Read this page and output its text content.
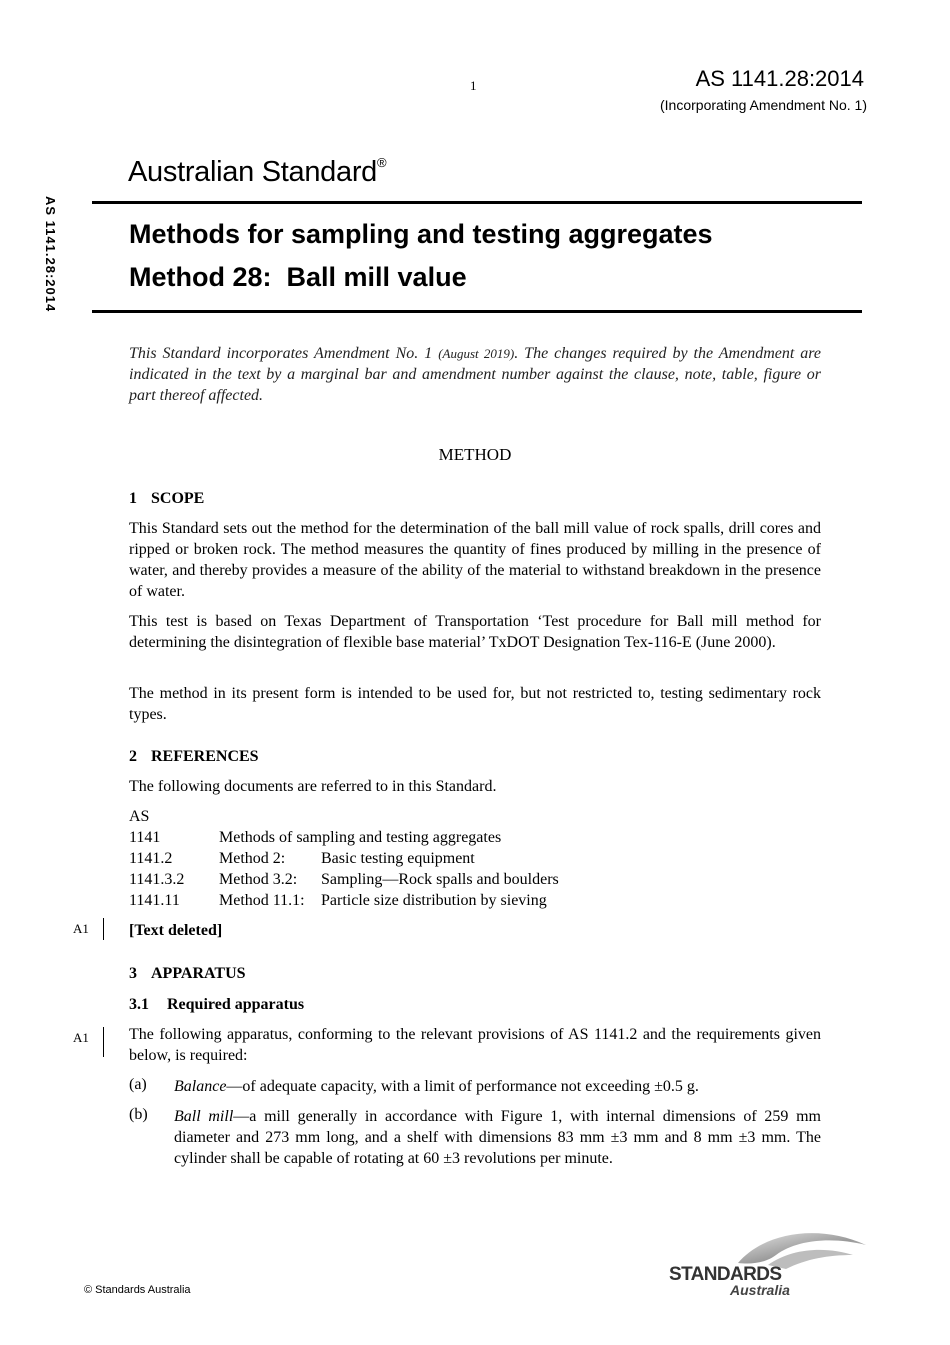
1	AS 1141.28:2014
(Incorporating Amendment No. 1)
AS 1141.28:2014
Australian Standard®
Methods for sampling and testing aggregates
Method 28:  Ball mill value
This Standard incorporates Amendment No. 1 (August 2019). The changes required by the Amendment are indicated in the text by a marginal bar and amendment number against the clause, note, table, figure or part thereof affected.
METHOD
1 SCOPE
This Standard sets out the method for the determination of the ball mill value of rock spalls, drill cores and ripped or broken rock. The method measures the quantity of fines produced by milling in the presence of water, and thereby provides a measure of the ability of the material to withstand breakdown in the presence of water.
This test is based on Texas Department of Transportation ‘Test procedure for Ball mill method for determining the disintegration of flexible base material’ TxDOT Designation Tex-116-E (June 2000).
The method in its present form is intended to be used for, but not restricted to, testing sedimentary rock types.
2 REFERENCES
The following documents are referred to in this Standard.
AS
1141	Methods of sampling and testing aggregates
1141.2	Method 2: Basic testing equipment
1141.3.2 Method 3.2: Sampling—Rock spalls and boulders
1141.11 Method 11.1: Particle size distribution by sieving
A1	[Text deleted]
3 APPARATUS
3.1 Required apparatus
A1	The following apparatus, conforming to the relevant provisions of AS 1141.2 and the requirements given below, is required:
(a) Balance—of adequate capacity, with a limit of performance not exceeding ±0.5 g.
(b) Ball mill—a mill generally in accordance with Figure 1, with internal dimensions of 259 mm diameter and 273 mm long, and a shelf with dimensions 83 mm ±3 mm and 8 mm ±3 mm. The cylinder shall be capable of rotating at 60 ±3 revolutions per minute.
© Standards Australia
STANDARDS
Australia
